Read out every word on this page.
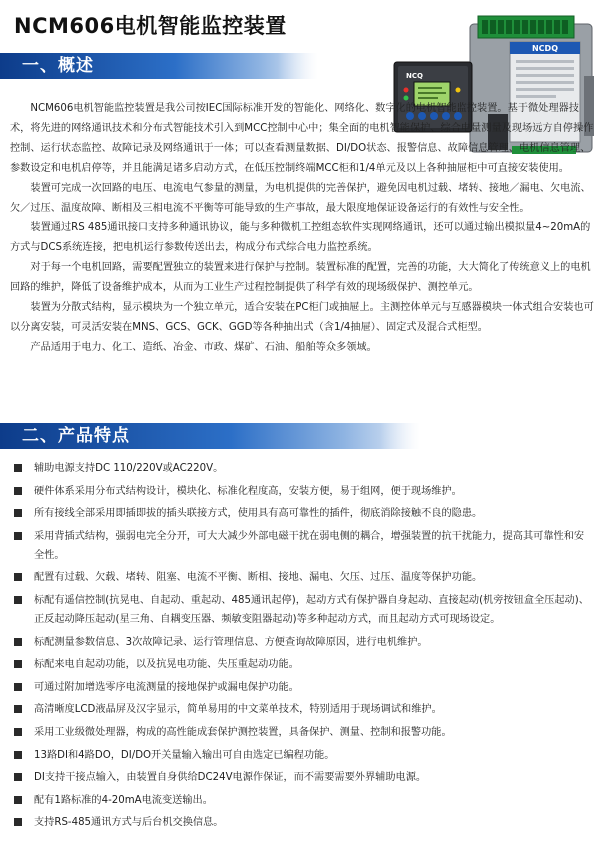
NCM606电机智能监控装置
NCDQ
NCQ
一、概述

NCM606电机智能监控装置是我公司按IEC国际标准开发的智能化、网络化、数字化的电机智能监控装置。基于微处理器技术，将先进的网络通讯技术和分布式智能技术引入到MCC控制中心中；集全面的电机智能保护、综合电量测量及现场远方自停操作控制、运行状态监控、故障记录及网络通讯于一体；可以查看测量数据、DI/DO状态、报警信息、故障信息管理、电机信息管理、参数设定和电机启停等，并且能满足诸多启动方式，在低压控制终端MCC柜和1/4单元及以上各种抽屉柜中可直接安装使用。

装置可完成一次回路的电压、电流电气参量的测量，为电机提供的完善保护，避免因电机过载、堵转、接地／漏电、欠电流、欠／过压、温度故障、断相及三相电流不平衡等可能导致的生产事故，最大限度地保证设备运行的有效性与安全性。

装置通过RS 485通讯接口支持多种通讯协议，能与多种微机工控组态软件实现网络通讯，还可以通过输出模拟量4~20mA的方式与DCS系统连接，把电机运行参数传送出去，构成分布式综合电力监控系统。

对于每一个电机回路，需要配置独立的装置来进行保护与控制。装置标准的配置，完善的功能，大大简化了传统意义上的电机回路的维护，降低了设备维护成本，从而为工业生产过程控制提供了科学有效的现场级保护、测控单元。

装置为分散式结构，显示模块为一个独立单元，适合安装在PC柜门或抽屉上。主测控体单元与互感器模块一体式组合安装也可以分离安装，可灵活安装在MNS、GCS、GCK、GGD等各种抽出式（含1/4抽屉）、固定式及混合式柜型。

产品适用于电力、化工、造纸、冶金、市政、煤矿、石油、船舶等众多领域。

二、产品特点
辅助电源支持DC 110/220V或AC220V。
硬件体系采用分布式结构设计，模块化、标准化程度高，安装方便，易于组网，便于现场维护。
所有接线全部采用即插即拔的插头联接方式，使用具有高可靠性的插件，彻底消除接触不良的隐患。
采用背插式结构，强弱电完全分开，可大大减少外部电磁干扰在弱电侧的耦合，增强装置的抗干扰能力，提高其可靠性和安全性。
配置有过载、欠载、堵转、阻塞、电流不平衡、断相、接地、漏电、欠压、过压、温度等保护功能。
标配有遥信控制(抗晃电、自起动、重起动、485通讯起停)，起动方式有保护器自身起动、直接起动(机旁按钮盒全压起动)、正反起动降压起动(星三角、自耦变压器、频敏变阻器起动)等多种起动方式，而且起动方式可现场设定。
标配测量参数信息、3次故障记录、运行管理信息、方便查询故障原因，进行电机维护。
标配来电自起动功能，以及抗晃电功能、失压重起动功能。
可通过附加增选零序电流测量的接地保护或漏电保护功能。
高清晰度LCD液晶屏及汉字显示，简单易用的中文菜单技术，特别适用于现场调试和维护。
采用工业级微处理器，构成的高性能成套保护测控装置，具备保护、测量、控制和报警功能。
13路DI和4路DO，DI/DO开关量输入输出可自由选定已编程功能。
DI支持干接点输入，由装置自身供给DC24V电源作保证，而不需要需要外界辅助电源。
配有1路标准的4-20mA电流变送输出。
支持RS-485通讯方式与后台机交换信息。
